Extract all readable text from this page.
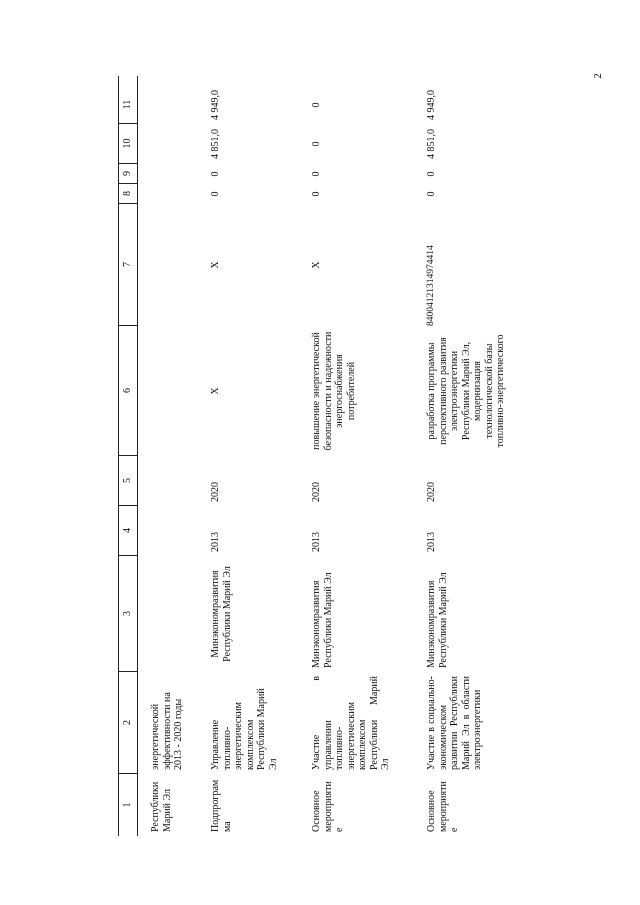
2
1
2
3
4
5
6
7
8
9
10
11
Республики Марий Эл
энергетической эффективности на 2013 - 2020 годы
Подпрограмма
Управление топливно-энергетическим комплексом Республики Марий Эл
Минэкономразвития Республики Марий Эл
2013
2020
X
X
0
0
4 851,0
4 949,0
Основное мероприятие
Участие в управлении топливно-энергетическим комплексом Республики Марий Эл
Минэкономразвития Республики Марий Эл
2013
2020
повышение энергетической безопасности и надежности энергоснабжения потребителей
X
0
0
0
0
Основное мероприятие
Участие в социально-экономическом развитии Республики Марий Эл в области электроэнергетики
Минэкономразвития Республики Марий Эл
2013
2020
разработка программы перспективного развития электроэнергетики Республики Марий Эл, модернизация технологической базы топливно-энергетического
84004121314974414
0
0
4 851,0
4 949,0
